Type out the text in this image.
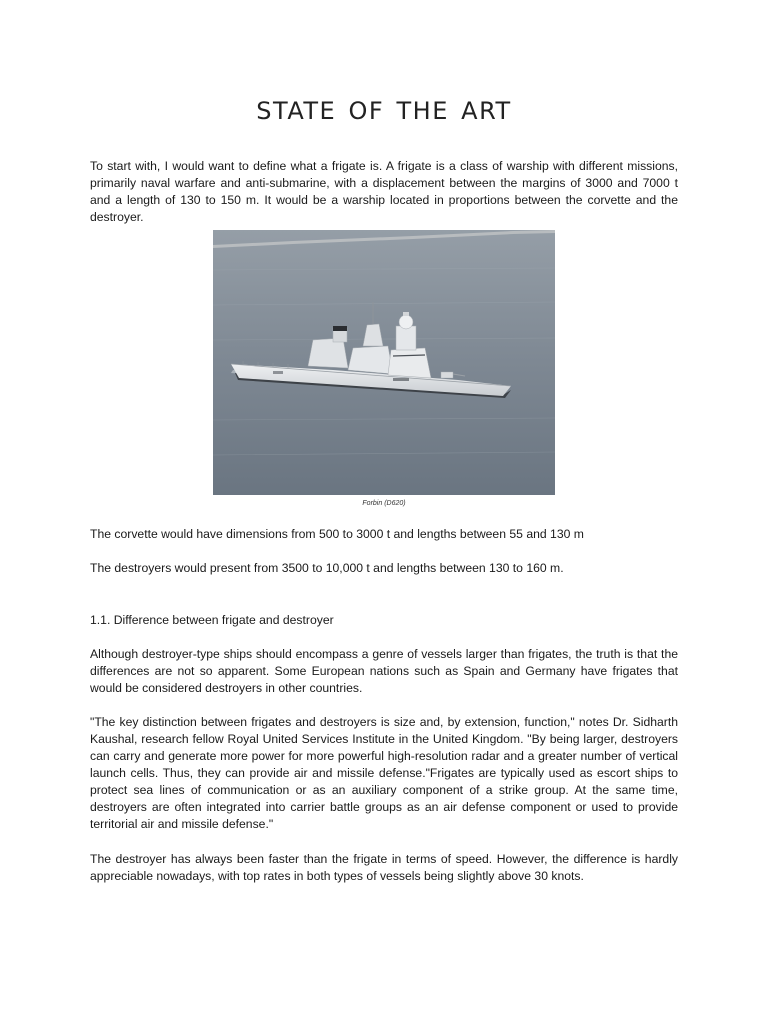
state of the art

To start with, I would want to define what a frigate is. A frigate is a class of warship with different missions, primarily naval warfare and anti-submarine, with a displacement between the margins of 3000 and 7000 t and a length of 130 to 150 m. It would be a warship located in proportions between the corvette and the destroyer.

Forbin (D620)

The corvette would have dimensions from 500 to 3000 t and lengths between 55 and 130 m

The destroyers would present from 3500 to 10,000 t and lengths between 130 to 160 m.

1.1. Difference between frigate and destroyer

Although destroyer-type ships should encompass a genre of vessels larger than frigates, the truth is that the differences are not so apparent. Some European nations such as Spain and Germany have frigates that would be considered destroyers in other countries.

"The key distinction between frigates and destroyers is size and, by extension, function," notes Dr. Sidharth Kaushal, research fellow Royal United Services Institute in the United Kingdom. "By being larger, destroyers can carry and generate more power for more powerful high-resolution radar and a greater number of vertical launch cells. Thus, they can provide air and missile defense."Frigates are typically used as escort ships to protect sea lines of communication or as an auxiliary component of a strike group. At the same time, destroyers are often integrated into carrier battle groups as an air defense component or used to provide territorial air and missile defense."

The destroyer has always been faster than the frigate in terms of speed. However, the difference is hardly appreciable nowadays, with top rates in both types of vessels being slightly above 30 knots.
